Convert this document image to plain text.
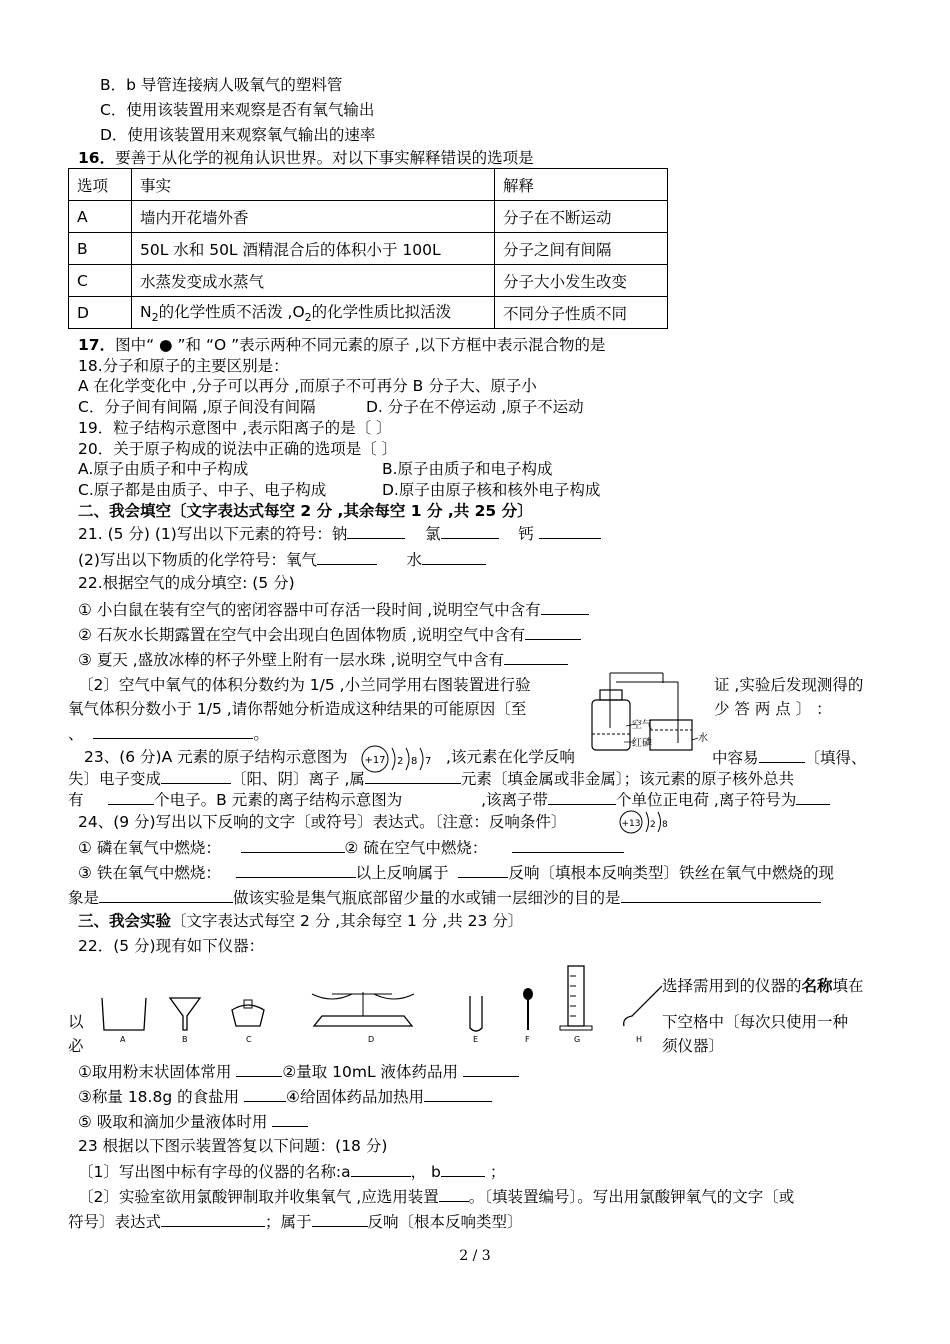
B．b 导管连接病人吸氧气的塑料管
C．使用该装置用来观察是否有氧气输出
D．使用该装置用来观察氧气输出的速率
16．要善于从化学的视角认识世界。对以下事实解释错误的选项是
选项	事实	解释
A	墙内开花墙外香	分子在不断运动
B	50L 水和 50L 酒精混合后的体积小于 100L	分子之间有间隔
C	水蒸发变成水蒸气	分子大小发生改变
D	$N_2$的化学性质不活泼 $,O_2$的化学性质比拟活泼	不同分子性质不同
17．图中“ ● ”和 “O ”表示两种不同元素的原子 ,以下方框中表示混合物的是
18.分子和原子的主要区别是：
A 在化学变化中 ,分子可以再分 ,而原子不可再分 B 分子大、原子小
C．分子间有间隔 ,原子间没有间隔	D. 分子在不停运动 ,原子不运动
19．粒子结构示意图中 ,表示阳离子的是〔 〕
20．关于原子构成的说法中正确的选项是〔 〕
A.原子由质子和中子构成	B.原子由质子和电子构成
C.原子都是由质子、中子、电子构成	D.原子由原子核和核外电子构成
二、我会填空〔文字表达式每空 2 分 ,其余每空 1 分 ,共 25 分〕
21. (5 分) (1)写出以下元素的符号：钠	氯	钙
(2)写出以下物质的化学符号：氧气	水
22.根据空气的成分填空: (5 分)
① 小白鼠在装有空气的密闭容器中可存活一段时间 ,说明空气中含有
② 石灰水长期露置在空气中会出现白色固体物质 ,说明空气中含有
③ 夏天 ,盛放冰棒的杯子外壁上附有一层水珠 ,说明空气中含有
〔2〕空气中氧气的体积分数约为 1/5 ,小兰同学用右图装置进行验	证 ,实验后发现测得的
氧气体积分数小于 1/5 ,请你帮她分析造成这种结果的可能原因〔至	少 答 两 点 〕 ：
、	。	空气
红磷	水
23、(6 分)A 元素的原子结构示意图为 +17 2 8 7 ,该元素在化学反响	中容易	〔填得、
失〕电子变成	〔阳、阴〕离子 ,属	元素〔填金属或非金属〕；该元素的原子核外总共
有	个电子。B 元素的离子结构示意图为	,该离子带	个单位正电荷 ,离子符号为
24、(9 分)写出以下反响的文字〔或符号〕表达式。〔注意：反响条件〕	+13 2 8
① 磷在氧气中燃烧：	② 硫在空气中燃烧：
③ 铁在氧气中燃烧：	以上反响属于	反响〔填根本反响类型〕铁丝在氧气中燃烧的现
象是	做该实验是集气瓶底部留少量的水或铺一层细沙的目的是
三、我会实验〔文字表达式每空 2 分 ,其余每空 1 分 ,共 23 分〕
22．(5 分)现有如下仪器：
A	B	C	D	E	F	G	H
选择需用到的仪器的名称填在
下空格中〔每次只使用一种
须仪器〕
以
必
①取用粉末状固体常用	②量取 10mL 液体药品用
③称量 18.8g 的食盐用	④给固体药品加热用
⑤ 吸取和滴加少量液体时用
23 根据以下图示装置答复以下问题：(18 分)
〔1〕写出图中标有字母的仪器的名称:a	， b	；
〔2〕实验室欲用氯酸钾制取并收集氧气 ,应选用装置 。〔填装置编号〕。写出用氯酸钾氧气的文字〔或
符号〕表达式	；属于	反响〔根本反响类型〕
2 / 3
